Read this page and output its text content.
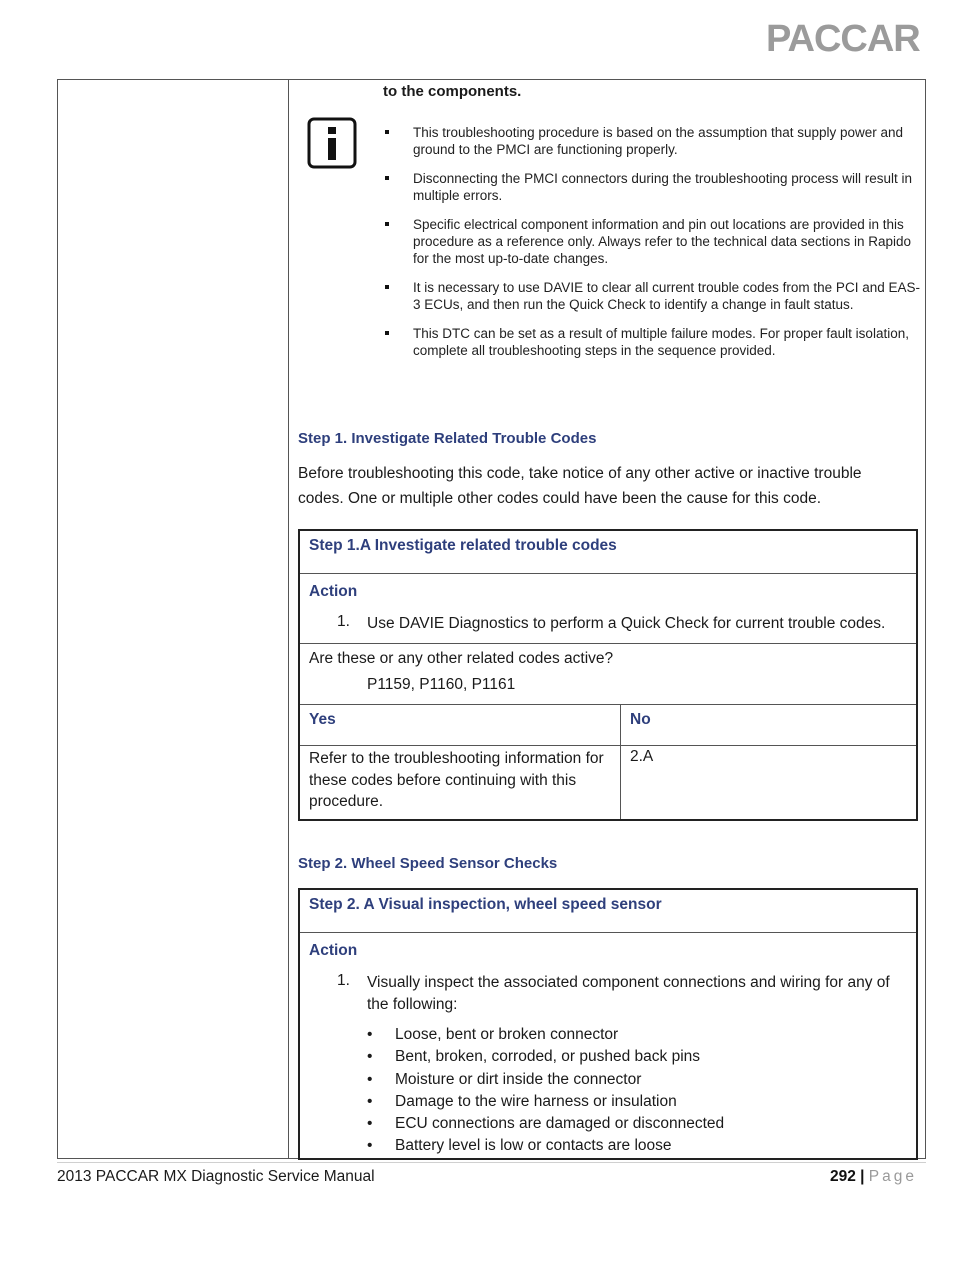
PACCAR
to the components.
This troubleshooting procedure is based on the assumption that supply power and ground to the PMCI are functioning properly.
Disconnecting the PMCI connectors during the troubleshooting process will result in multiple errors.
Specific electrical component information and pin out locations are provided in this procedure as a reference only. Always refer to the technical data sections in Rapido for the most up-to-date changes.
It is necessary to use DAVIE to clear all current trouble codes from the PCI and EAS-3 ECUs, and then run the Quick Check to identify a change in fault status.
This DTC can be set as a result of multiple failure modes. For proper fault isolation, complete all troubleshooting steps in the sequence provided.
Step 1. Investigate Related Trouble Codes
Before troubleshooting this code, take notice of any other active or inactive trouble codes. One or multiple other codes could have been the cause for this code.
Step 1.A Investigate related trouble codes	

Action
1. Use DAVIE Diagnostics to perform a Quick Check for current trouble codes.	

Are these or any other related codes active?
P1159, P1160, P1161	

Yes	No
Refer to the troubleshooting information for these codes before continuing with this procedure.	2.A
Step 2. Wheel Speed Sensor Checks
Step 2. A Visual inspection, wheel speed sensor

Action
1.	Visually inspect the associated component connections and wiring for any of the following:
• Loose, bent or broken connector
• Bent, broken, corroded, or pushed back pins
• Moisture or dirt inside the connector
• Damage to the wire harness or insulation
• ECU connections are damaged or disconnected
• Battery level is low or contacts are loose
2013 PACCAR MX Diagnostic Service Manual	292 | Page
